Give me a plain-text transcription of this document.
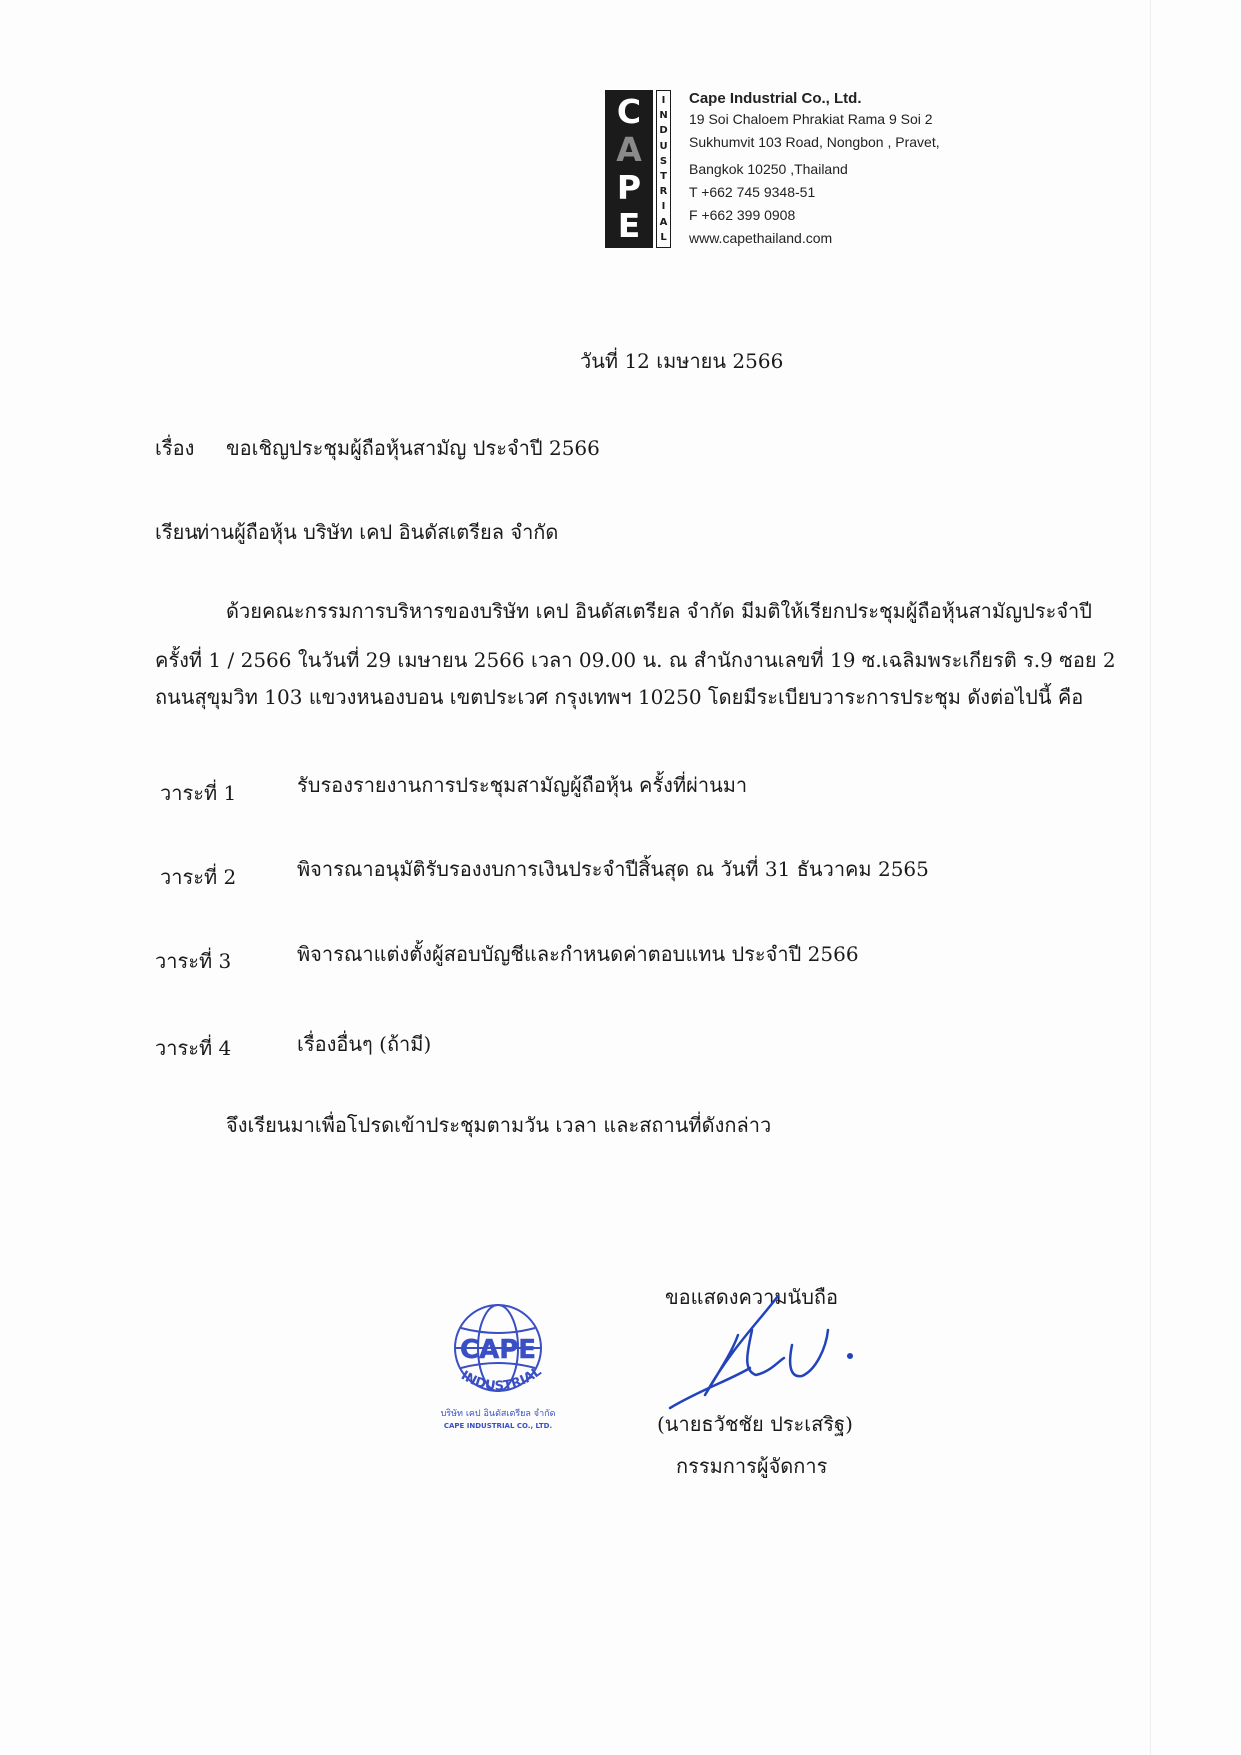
C
A
P
E
I
N
D
U
S
T
R
I
A
L
Cape Industrial Co., Ltd.
19 Soi Chaloem Phrakiat Rama 9 Soi 2
Sukhumvit 103 Road, Nongbon , Pravet,
Bangkok 10250 ,Thailand
T +662 745 9348-51
F +662 399 0908
www.capethailand.com
วันที่ 12 เมษายน 2566
เรื่อง ขอเชิญประชุมผู้ถือหุ้นสามัญ ประจำปี 2566
เรียน
ท่านผู้ถือหุ้น บริษัท เคป อินดัสเตรียล จำกัด
ด้วยคณะกรรมการบริหารของบริษัท เคป อินดัสเตรียล จำกัด มีมติให้เรียกประชุมผู้ถือหุ้นสามัญประจำปี
ครั้งที่ 1 / 2566 ในวันที่ 29 เมษายน 2566 เวลา 09.00 น. ณ สำนักงานเลขที่ 19 ซ.เฉลิมพระเกียรติ ร.9 ซอย 2
ถนนสุขุมวิท 103 แขวงหนองบอน เขตประเวศ กรุงเทพฯ 10250 โดยมีระเบียบวาระการประชุม ดังต่อไปนี้ คือ
วาระที่ 1	รับรองรายงานการประชุมสามัญผู้ถือหุ้น ครั้งที่ผ่านมา
วาระที่ 2	พิจารณาอนุมัติรับรองงบการเงินประจำปีสิ้นสุด ณ วันที่ 31 ธันวาคม 2565
วาระที่ 3	พิจารณาแต่งตั้งผู้สอบบัญชีและกำหนดค่าตอบแทน ประจำปี 2566
วาระที่ 4	เรื่องอื่นๆ (ถ้ามี)
จึงเรียนมาเพื่อโปรดเข้าประชุมตามวัน เวลา และสถานที่ดังกล่าว
CAPE
INDUSTRIAL
บริษัท เคป อินดัสเตรียล จำกัด
CAPE INDUSTRIAL CO., LTD.
ขอแสดงความนับถือ
(นายธวัชชัย ประเสริฐ)
กรรมการผู้จัดการ
